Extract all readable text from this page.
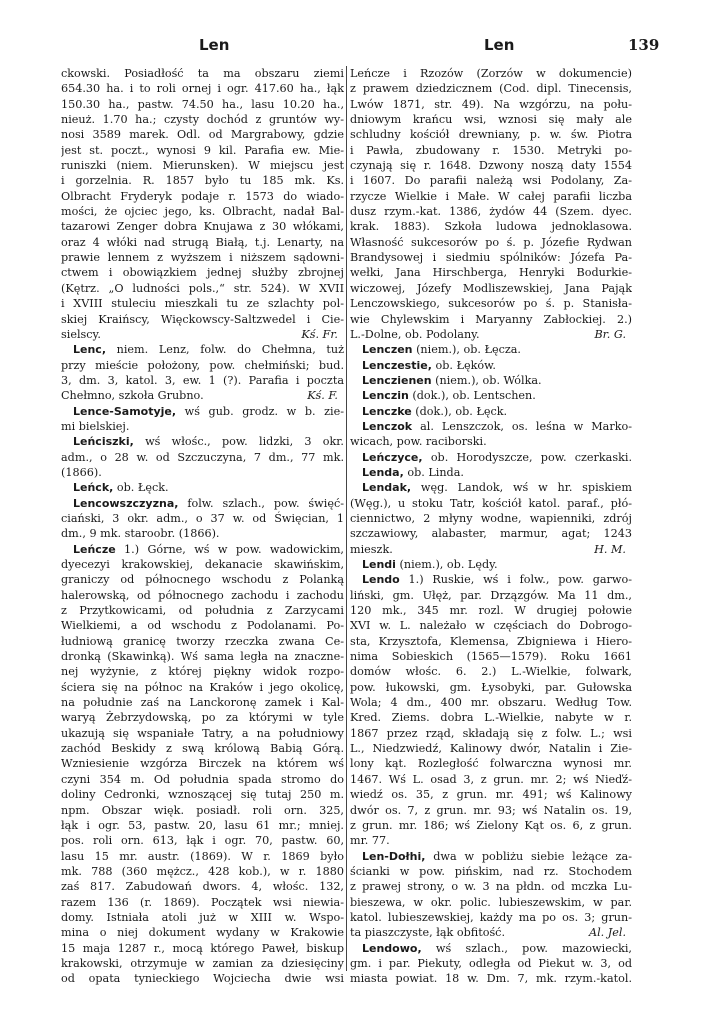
Len	Len	139
ckowski. Posiadłość ta ma obszaru ziemi
654.30 ha. i to roli ornej i ogr. 417.60 ha., łąk
150.30 ha., pastw. 74.50 ha., lasu 10.20 ha.,
nieuż. 1.70 ha.; czysty dochód z gruntów wy-
nosi 3589 marek. Odl. od Margrabowy, gdzie
jest st. poczt., wynosi 9 kil. Parafia ew. Mie-
runiszki (niem. Mierunsken). W miejscu jest
i gorzelnia. R. 1857 było tu 185 mk. Ks.
Olbracht Fryderyk podaje r. 1573 do wiado-
mości, że ojciec jego, ks. Olbracht, nadał Bal-
tazarowi Zenger dobra Knujawa z 30 włókami,
oraz 4 włóki nad strugą Białą, t.j. Lenarty, na
prawie lennem z wyższem i niższem sądowni-
ctwem i obowiązkiem jednej służby zbrojnej
(Kętrz. „O ludności pols.,“ str. 524). W XVII
i XVIII stuleciu mieszkali tu ze szlachty pol-
skiej Kraińscy, Więckowscy-Saltzwedel i Cie-
sielscy.	Kś. Fr.
Lenc, niem. Lenz, folw. do Chełmna, tuż
przy mieście położony, pow. chełmiński; bud.
3, dm. 3, katol. 3, ew. 1 (?). Parafia i poczta
Chełmno, szkoła Grubno.	Kś. F.
Lence-Samotyje, wś gub. grodz. w b. zie-
mi bielskiej.
Leńciszki, wś włośc., pow. lidzki, 3 okr.
adm., o 28 w. od Szczuczyna, 7 dm., 77 mk.
(1866).
Leńck, ob. Łęck.
Lencowszczyzna, folw. szlach., pow. święć-
ciański, 3 okr. adm., o 37 w. od Święcian, 1
dm., 9 mk. staroobr. (1866).
Leńcze 1.) Górne, wś w pow. wadowickim,
dyecezyi krakowskiej, dekanacie skawińskim,
graniczy od północnego wschodu z Polanką
halerowską, od północnego zachodu i zachodu
z Przytkowicami, od południa z Zarzycami
Wielkiemi, a od wschodu z Podolanami. Po-
łudniową granicę tworzy rzeczka zwana Ce-
dronką (Skawinką). Wś sama legła na znaczne-
nej wyżynie, z której piękny widok rozpo-
ściera się na północ na Kraków i jego okolicę,
na południe zaś na Lanckoronę zamek i Kal-
waryą Żebrzydowską, po za którymi w tyle
ukazują się wspaniałe Tatry, a na południowy
zachód Beskidy z swą królową Babią Górą.
Wzniesienie wzgórza Birczek na którem wś
czyni 354 m. Od południa spada stromo do
doliny Cedronki, wznoszącej się tutaj 250 m.
npm. Obszar więk. posiadł. roli orn. 325,
łąk i ogr. 53, pastw. 20, lasu 61 mr.; mniej.
pos. roli orn. 613, łąk i ogr. 70, pastw. 60,
lasu 15 mr. austr. (1869). W r. 1869 było
mk. 788 (360 mężcz., 428 kob.), w r. 1880
zaś 817. Zabudowań dwors. 4, włośc. 132,
razem 136 (r. 1869). Początek wsi niewia-
domy. Istniała atoli już w XIII w. Wspo-
mina o niej dokument wydany w Krakowie
15 maja 1287 r., mocą którego Paweł, biskup
krakowski, otrzymuje w zamian za dziesięciny
od opata tynieckiego Wojciecha dwie wsi
Leńcze i Rzozów (Zorzów w dokumencie)
z prawem dziedzicznem (Cod. dipl. Tinecensis,
Lwów 1871, str. 49). Na wzgórzu, na połu-
dniowym krańcu wsi, wznosi się mały ale
schludny kościół drewniany, p. w. św. Piotra
i Pawła, zbudowany r. 1530. Metryki po-
czynają się r. 1648. Dzwony noszą daty 1554
i 1607. Do parafii należą wsi Podolany, Za-
rzycze Wielkie i Małe. W całej parafii liczba
dusz rzym.-kat. 1386, żydów 44 (Szem. dyec.
krak. 1883). Szkoła ludowa jednoklasowa.
Własność sukcesorów po ś. p. Józefie Rydwan
Brandysowej i siedmiu spólników: Józefa Pa-
wełki, Jana Hirschberga, Henryki Bodurkie-
wiczowej, Józefy Modliszewskiej, Jana Pająk
Lenczowskiego, sukcesorów po ś. p. Stanisła-
wie Chylewskim i Maryanny Zabłockiej. 2.)
L.-Dolne, ob. Podolany.	Br. G.
Lenczen (niem.), ob. Łęcza.
Lenczestie, ob. Łęków.
Lenczienen (niem.), ob. Wólka.
Lenczin (dok.), ob. Lentschen.
Lenczke (dok.), ob. Łęck.
Lenczok al. Lenszczok, os. leśna w Marko-
wicach, pow. raciborski.
Leńczyce, ob. Horodyszcze, pow. czerkaski.
Lenda, ob. Linda.
Lendak, węg. Landok, wś w hr. spiskiem
(Węg.), u stoku Tatr, kościół katol. paraf., płó-
ciennictwo, 2 młyny wodne, wapienniki, zdrój
szczawiowy, alabaster, marmur, agat; 1243
mieszk.	H. M.
Lendi (niem.), ob. Lędy.
Lendo 1.) Ruskie, wś i folw., pow. garwo-
liński, gm. Ułęż, par. Drzązgów. Ma 11 dm.,
120 mk., 345 mr. rozl. W drugiej połowie
XVI w. L. należało w częściach do Dobrogo-
sta, Krzysztofa, Klemensa, Zbigniewa i Hiero-
nima Sobieskich (1565—1579). Roku 1661
domów włośc. 6. 2.) L.-Wielkie, folwark,
pow. łukowski, gm. Łysobyki, par. Gułowska
Wola; 4 dm., 400 mr. obszaru. Według Tow.
Kred. Ziems. dobra L.-Wielkie, nabyte w r.
1867 przez rząd, składają się z folw. L.; wsi
L., Niedzwiedź, Kalinowy dwór, Natalin i Zie-
lony kąt. Rozległość folwarczna wynosi mr.
1467. Wś L. osad 3, z grun. mr. 2; wś Nieďź-
wiedź os. 35, z grun. mr. 491; wś Kalinowy
dwór os. 7, z grun. mr. 93; wś Natalin os. 19,
z grun. mr. 186; wś Zielony Kąt os. 6, z grun.
mr. 77.
Len-Dołhi, dwa w pobliżu siebie leżące za-
ścianki w pow. pińskim, nad rz. Stochodem
z prawej strony, o w. 3 na płdn. od mczka Lu-
bieszewa, w okr. polic. lubieszewskim, w par.
katol. lubieszewskiej, każdy ma po os. 3; grun-
ta piaszczyste, łąk obfitość.	Al. Jel.
Lendowo, wś szlach., pow. mazowiecki,
gm. i par. Piekuty, odległa od Piekut w. 3, od
miasta powiat. 18 w. Dm. 7, mk. rzym.-katol.
